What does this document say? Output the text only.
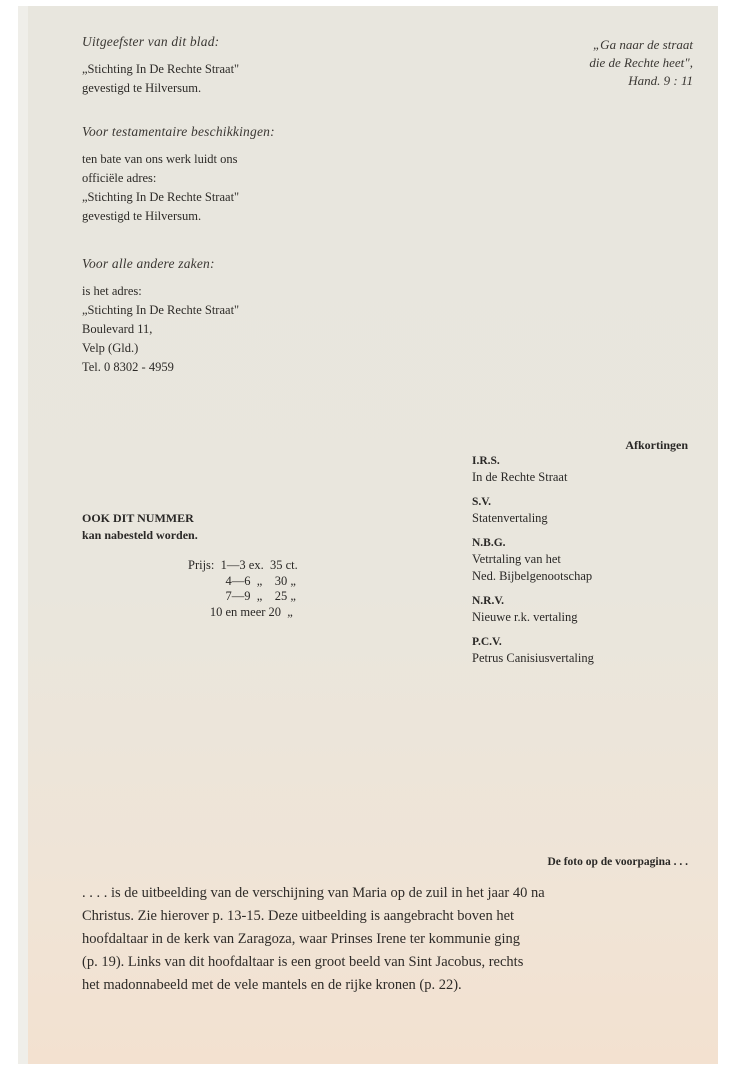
Uitgeefster van dit blad:
„Stichting In De Rechte Straat"
gevestigd te Hilversum.
„Ga naar de straat
die de Rechte heet",
Hand. 9 : 11
Voor testamentaire beschikkingen:
ten bate van ons werk luidt ons
officiële adres:
„Stichting In De Rechte Straat"
gevestigd te Hilversum.
Voor alle andere zaken:
is het adres:
„Stichting In De Rechte Straat"
Boulevard 11,
Velp (Gld.)
Tel. 0 8302 - 4959
Afkortingen
I.R.S.
In de Rechte Straat
S.V.
Statenvertaling
N.B.G.
Vetrtaling van het
Ned. Bijbelgenootschap
N.R.V.
Nieuwe r.k. vertaling
P.C.V.
Petrus Canisiusvertaling
OOK DIT NUMMER
kan nabesteld worden.
Prijs:  1—3 ex.  35 ct.
4—6  „    30 „
7—9  „    25 „
10 en meer 20  „
De foto op de voorpagina . . .
. . . . is de uitbeelding van de verschijning van Maria op de zuil in het jaar 40 na
Christus. Zie hierover p. 13-15. Deze uitbeelding is aangebracht boven het
hoofdaltaar in de kerk van Zaragoza, waar Prinses Irene ter kommunie ging
(p. 19). Links van dit hoofdaltaar is een groot beeld van Sint Jacobus, rechts
het madonnabeeld met de vele mantels en de rijke kronen (p. 22).
